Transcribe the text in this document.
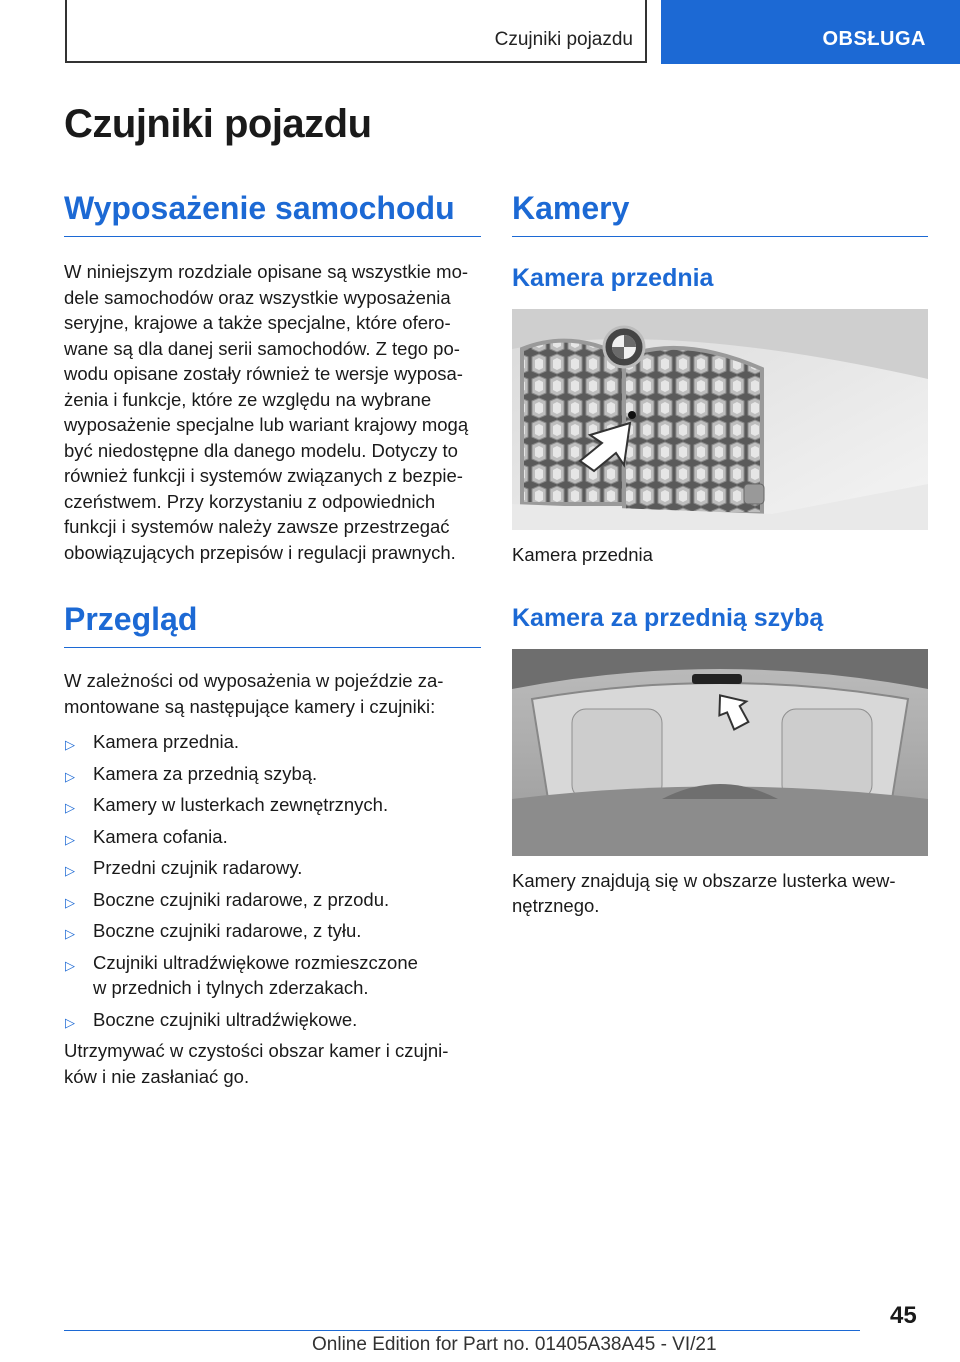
Czujniki pojazdu	OBSŁUGA
Czujniki pojazdu
Wyposażenie samochodu

W niniejszym rozdziale opisane są wszystkie mo‐
dele samochodów oraz wszystkie wyposażenia
seryjne, krajowe a także specjalne, które ofero‐
wane są dla danej serii samochodów. Z tego po‐
wodu opisane zostały również te wersje wyposa‐
żenia i funkcje, które ze względu na wybrane
wyposażenie specjalne lub wariant krajowy mogą
być niedostępne dla danego modelu. Dotyczy to
również funkcji i systemów związanych z bezpie‐
czeństwem. Przy korzystaniu z odpowiednich
funkcji i systemów należy zawsze przestrzegać
obowiązujących przepisów i regulacji prawnych.

Przegląd

W zależności od wyposażenia w pojeździe za‐
montowane są następujące kamery i czujniki:

▷ Kamera przednia.
▷ Kamera za przednią szybą.
▷ Kamery w lusterkach zewnętrznych.
▷ Kamera cofania.
▷ Przedni czujnik radarowy.
▷ Boczne czujniki radarowe, z przodu.
▷ Boczne czujniki radarowe, z tyłu.
▷ Czujniki ultradźwiękowe rozmieszczone
w przednich i tylnych zderzakach.
▷ Boczne czujniki ultradźwiękowe.

Utrzymywać w czystości obszar kamer i czujni‐
ków i nie zasłaniać go.

Kamery
Kamera przednia

Kamera przednia

Kamera za przednią szybą

Kamery znajdują się w obszarze lusterka wew‐
nętrznego.

45
Online Edition for Part no. 01405A38A45 - VI/21
